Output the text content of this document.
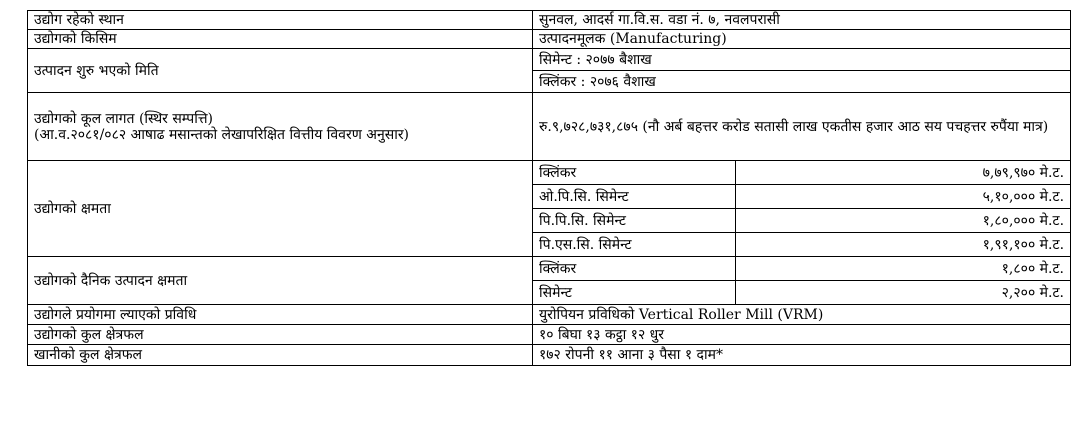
उद्योग रहेको स्थान	सुनवल, आदर्स गा.वि.स. वडा नं. ७, नवलपरासी	
उद्योगको किसिम	उत्पादनमूलक (Manufacturing)	
उत्पादन शुरु भएको मिति	सिमेन्ट : २०७७ बैशाख	
	क्लिंकर : २०७६ वैशाख	

उद्योगको कूल लागत (स्थिर सम्पत्ति)
(आ.व.२०८१/०८२ आषाढ मसान्तको लेखापरिक्षित वित्तीय विवरण अनुसार)	रु.९,७२८,७३१,८७५ (नौ अर्ब बहत्तर करोड सतासी लाख एकतीस हजार आठ सय पचहत्तर रुपैंया मात्र)	
उद्योगको क्षमता	क्लिंकर	७,७९,९७० मे.ट.
	ओ.पि.सि. सिमेन्ट	५,१०,००० मे.ट.
	पि.पि.सि. सिमेन्ट	१,८०,००० मे.ट.
	पि.एस.सि. सिमेन्ट	१,९१,१०० मे.ट.
उद्योगको दैनिक उत्पादन क्षमता	क्लिंकर	१,८०० मे.ट.
	सिमेन्ट	२,२०० मे.ट.
उद्योगले प्रयोगमा ल्याएको प्रविधि	युरोपियन प्रविधिको Vertical Roller Mill (VRM)	
उद्योगको कुल क्षेत्रफल	१० बिघा १३ कट्ठा १२ धुर	
खानीको कुल क्षेत्रफल	१७२ रोपनी ११ आना ३ पैसा १ दाम*	
